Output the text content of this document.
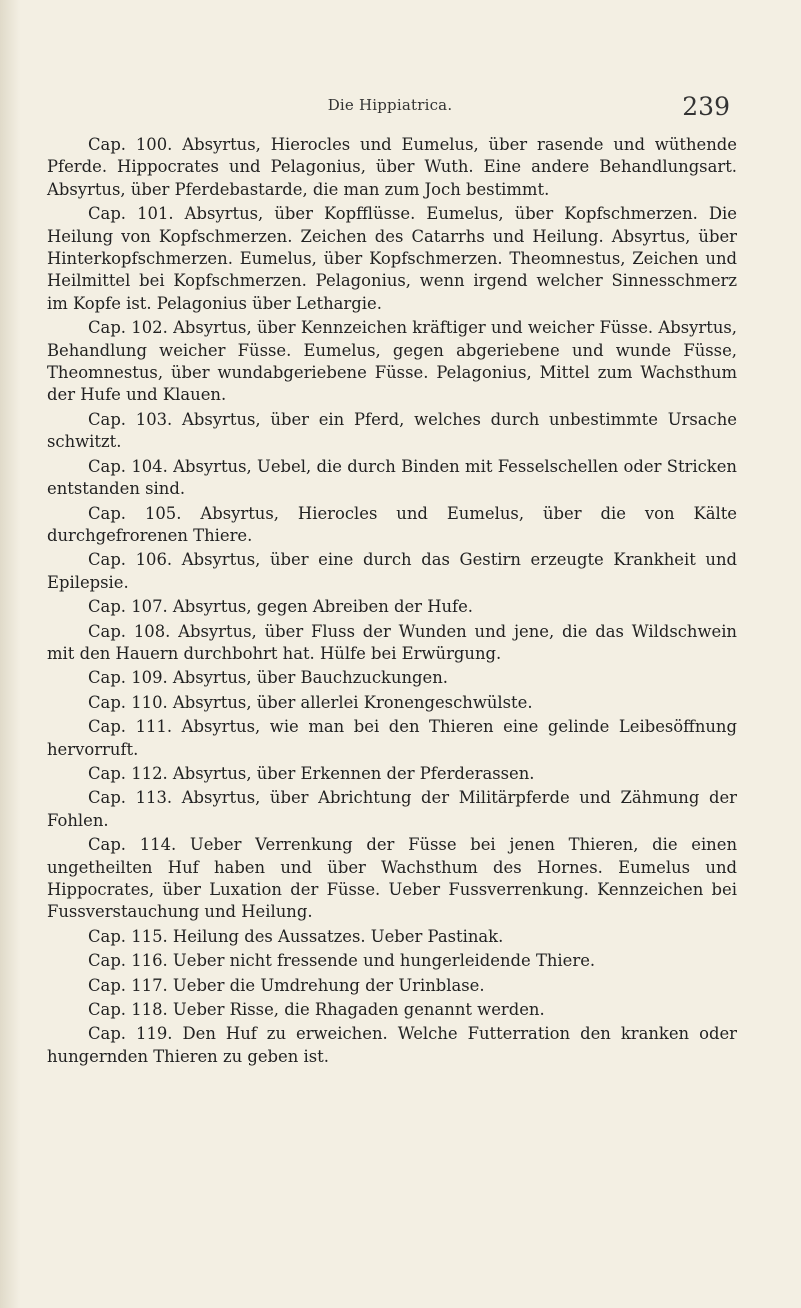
Die Hippiatrica.	239

Cap. 100. Absyrtus, Hierocles und Eumelus, über rasende und wüthende Pferde. Hippocrates und Pelagonius, über Wuth. Eine andere Behandlungsart. Absyrtus, über Pferdebastarde, die man zum Joch bestimmt.

Cap. 101. Absyrtus, über Kopfflüsse. Eumelus, über Kopfschmerzen. Die Heilung von Kopfschmerzen. Zeichen des Catarrhs und Heilung. Absyrtus, über Hinterkopfschmerzen. Eumelus, über Kopfschmerzen. Theomnestus, Zeichen und Heilmittel bei Kopfschmerzen. Pelagonius, wenn irgend welcher Sinnesschmerz im Kopfe ist. Pelagonius über Lethargie.

Cap. 102. Absyrtus, über Kennzeichen kräftiger und weicher Füsse. Absyrtus, Behandlung weicher Füsse. Eumelus, gegen abgeriebene und wunde Füsse, Theomnestus, über wundabgeriebene Füsse. Pelagonius, Mittel zum Wachsthum der Hufe und Klauen.

Cap. 103. Absyrtus, über ein Pferd, welches durch unbestimmte Ursache schwitzt.

Cap. 104. Absyrtus, Uebel, die durch Binden mit Fesselschellen oder Stricken entstanden sind.

Cap. 105. Absyrtus, Hierocles und Eumelus, über die von Kälte durchgefrorenen Thiere.

Cap. 106. Absyrtus, über eine durch das Gestirn erzeugte Krankheit und Epilepsie.

Cap. 107. Absyrtus, gegen Abreiben der Hufe.

Cap. 108. Absyrtus, über Fluss der Wunden und jene, die das Wildschwein mit den Hauern durchbohrt hat. Hülfe bei Erwürgung.

Cap. 109. Absyrtus, über Bauchzuckungen.

Cap. 110. Absyrtus, über allerlei Kronengeschwülste.

Cap. 111. Absyrtus, wie man bei den Thieren eine gelinde Leibesöffnung hervorruft.

Cap. 112. Absyrtus, über Erkennen der Pferderassen.

Cap. 113. Absyrtus, über Abrichtung der Militärpferde und Zähmung der Fohlen.

Cap. 114. Ueber Verrenkung der Füsse bei jenen Thieren, die einen ungetheilten Huf haben und über Wachsthum des Hornes. Eumelus und Hippocrates, über Luxation der Füsse. Ueber Fussverrenkung. Kennzeichen bei Fussverstauchung und Heilung.

Cap. 115. Heilung des Aussatzes. Ueber Pastinak.

Cap. 116. Ueber nicht fressende und hungerleidende Thiere.

Cap. 117. Ueber die Umdrehung der Urinblase.

Cap. 118. Ueber Risse, die Rhagaden genannt werden.

Cap. 119. Den Huf zu erweichen. Welche Futterration den kranken oder hungernden Thieren zu geben ist.
